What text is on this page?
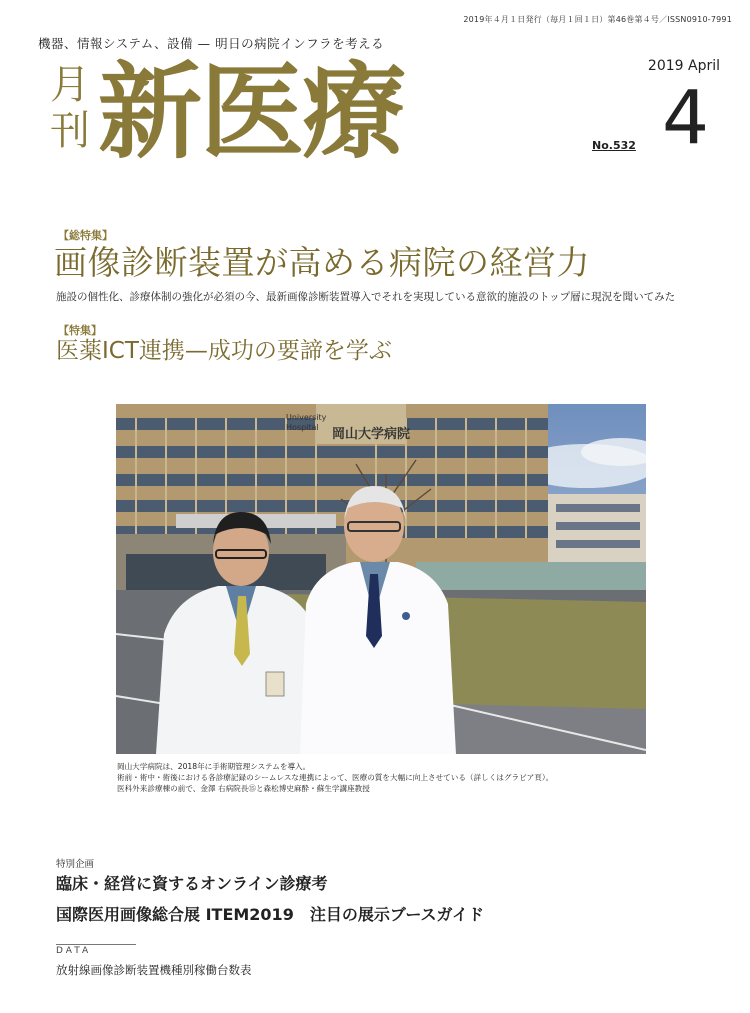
2019年４月１日発行（毎月１回１日）第46巻第４号／ISSN0910-7991
機器、情報システム、設備 — 明日の病院インフラを考える
月
刊 新医療	2019 April
No.532 4
【総特集】
画像診断装置が高める病院の経営力
施設の個性化、診療体制の強化が必須の今、最新画像診断装置導入でそれを実現している意欲的施設のトップ層に現況を聞いてみた
【特集】
医薬ICT連携—成功の要諦を学ぶ
University
Hospital 岡山大学病院
岡山大学病院は、2018年に手術期管理システムを導入。
術前・術中・術後における各診療記録のシームレスな連携によって、医療の質を大幅に向上させている（詳しくはグラビア頁）。
医科外来診療棟の前で、金澤 右病院長⑮と森松博史麻酔・蘇生学講座教授
特別企画
臨床・経営に資するオンライン診療考
国際医用画像総合展 ITEM2019　注目の展示ブースガイド
DATA
放射線画像診断装置機種別稼働台数表
